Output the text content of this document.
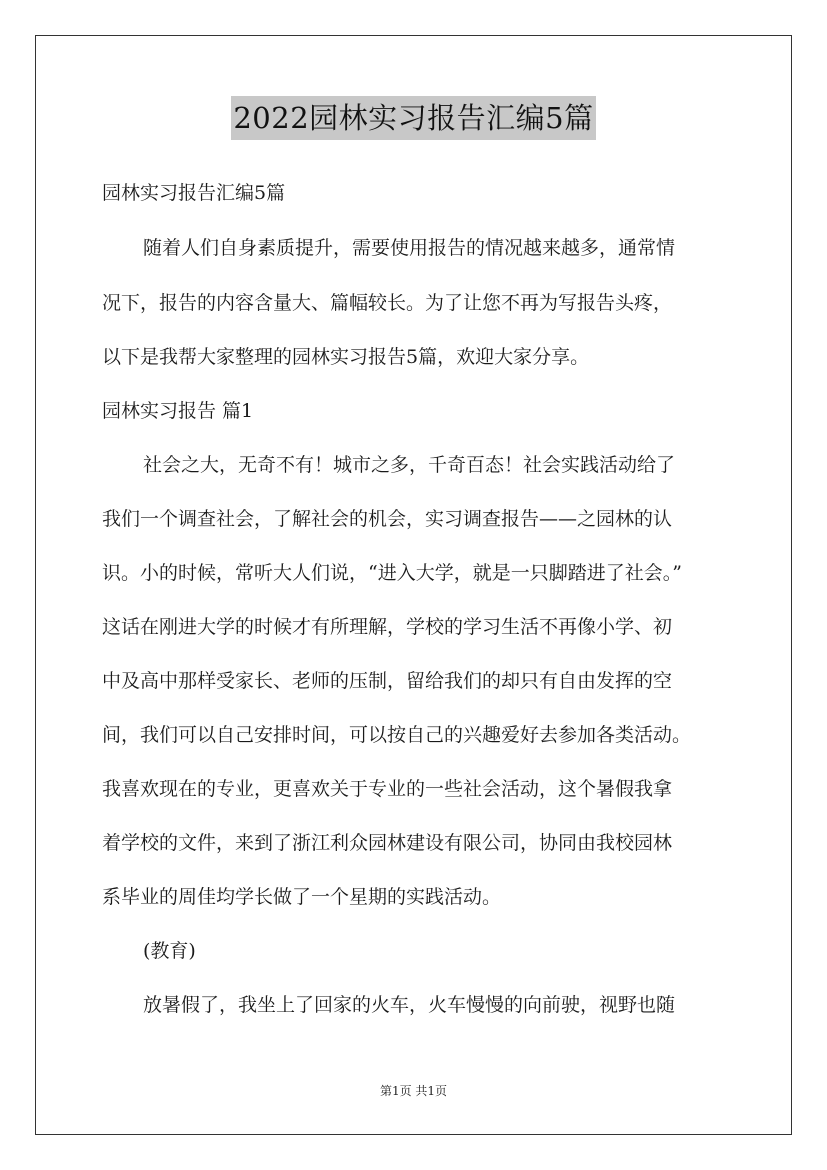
2022园林实习报告汇编5篇
园林实习报告汇编5篇
随着人们自身素质提升，需要使用报告的情况越来越多，通常情
况下，报告的内容含量大、篇幅较长。为了让您不再为写报告头疼，
以下是我帮大家整理的园林实习报告5篇，欢迎大家分享。
园林实习报告 篇1
社会之大，无奇不有！城市之多，千奇百态！社会实践活动给了
我们一个调查社会，了解社会的机会，实习调查报告——之园林的认
识。小的时候，常听大人们说，“进入大学，就是一只脚踏进了社会。”
这话在刚进大学的时候才有所理解，学校的学习生活不再像小学、初
中及高中那样受家长、老师的压制，留给我们的却只有自由发挥的空
间，我们可以自己安排时间，可以按自己的兴趣爱好去参加各类活动。
我喜欢现在的专业，更喜欢关于专业的一些社会活动，这个暑假我拿
着学校的文件，来到了浙江利众园林建设有限公司，协同由我校园林
系毕业的周佳均学长做了一个星期的实践活动。
(教育)
放暑假了，我坐上了回家的火车，火车慢慢的向前驶，视野也随
第1页 共1页
